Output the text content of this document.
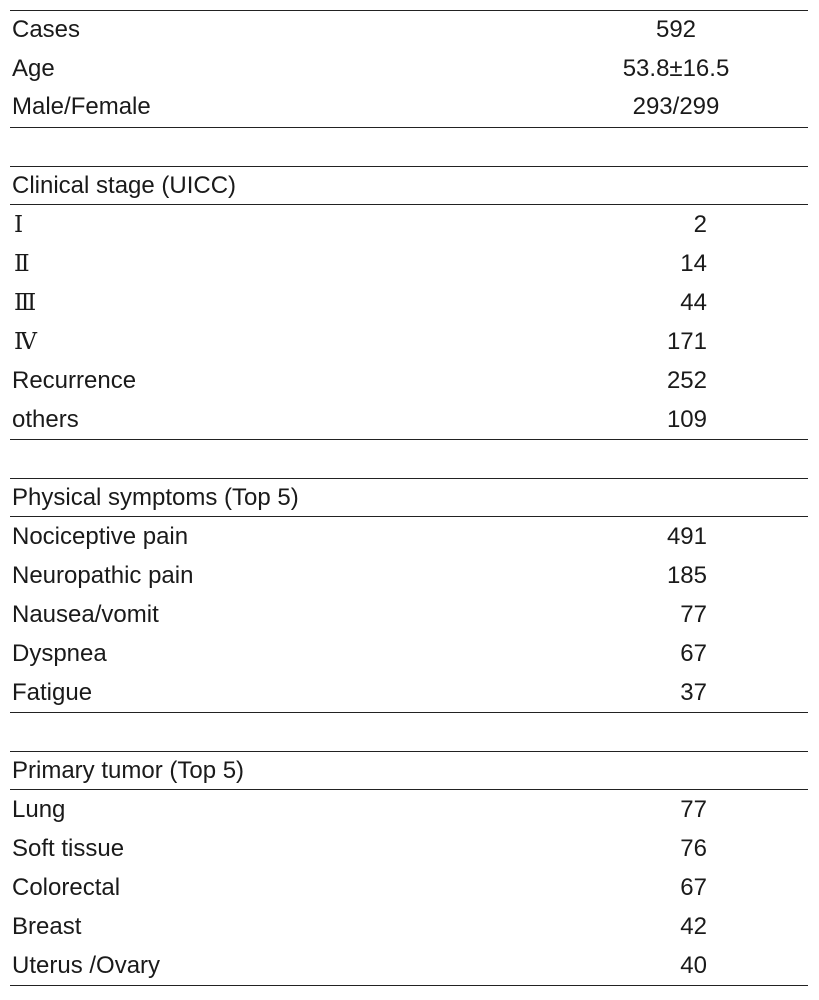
Cases	592
Age	53.8±16.5
Male/Female	293/299
Clinical stage (UICC)
Ⅰ	2
Ⅱ	14
Ⅲ	44
Ⅳ	171
Recurrence	252
others	109
Physical symptoms (Top 5)
Nociceptive pain	491
Neuropathic pain	185
Nausea/vomit	77
Dyspnea	67
Fatigue	37
Primary tumor (Top 5)
Lung	77
Soft tissue	76
Colorectal	67
Breast	42
Uterus /Ovary	40
